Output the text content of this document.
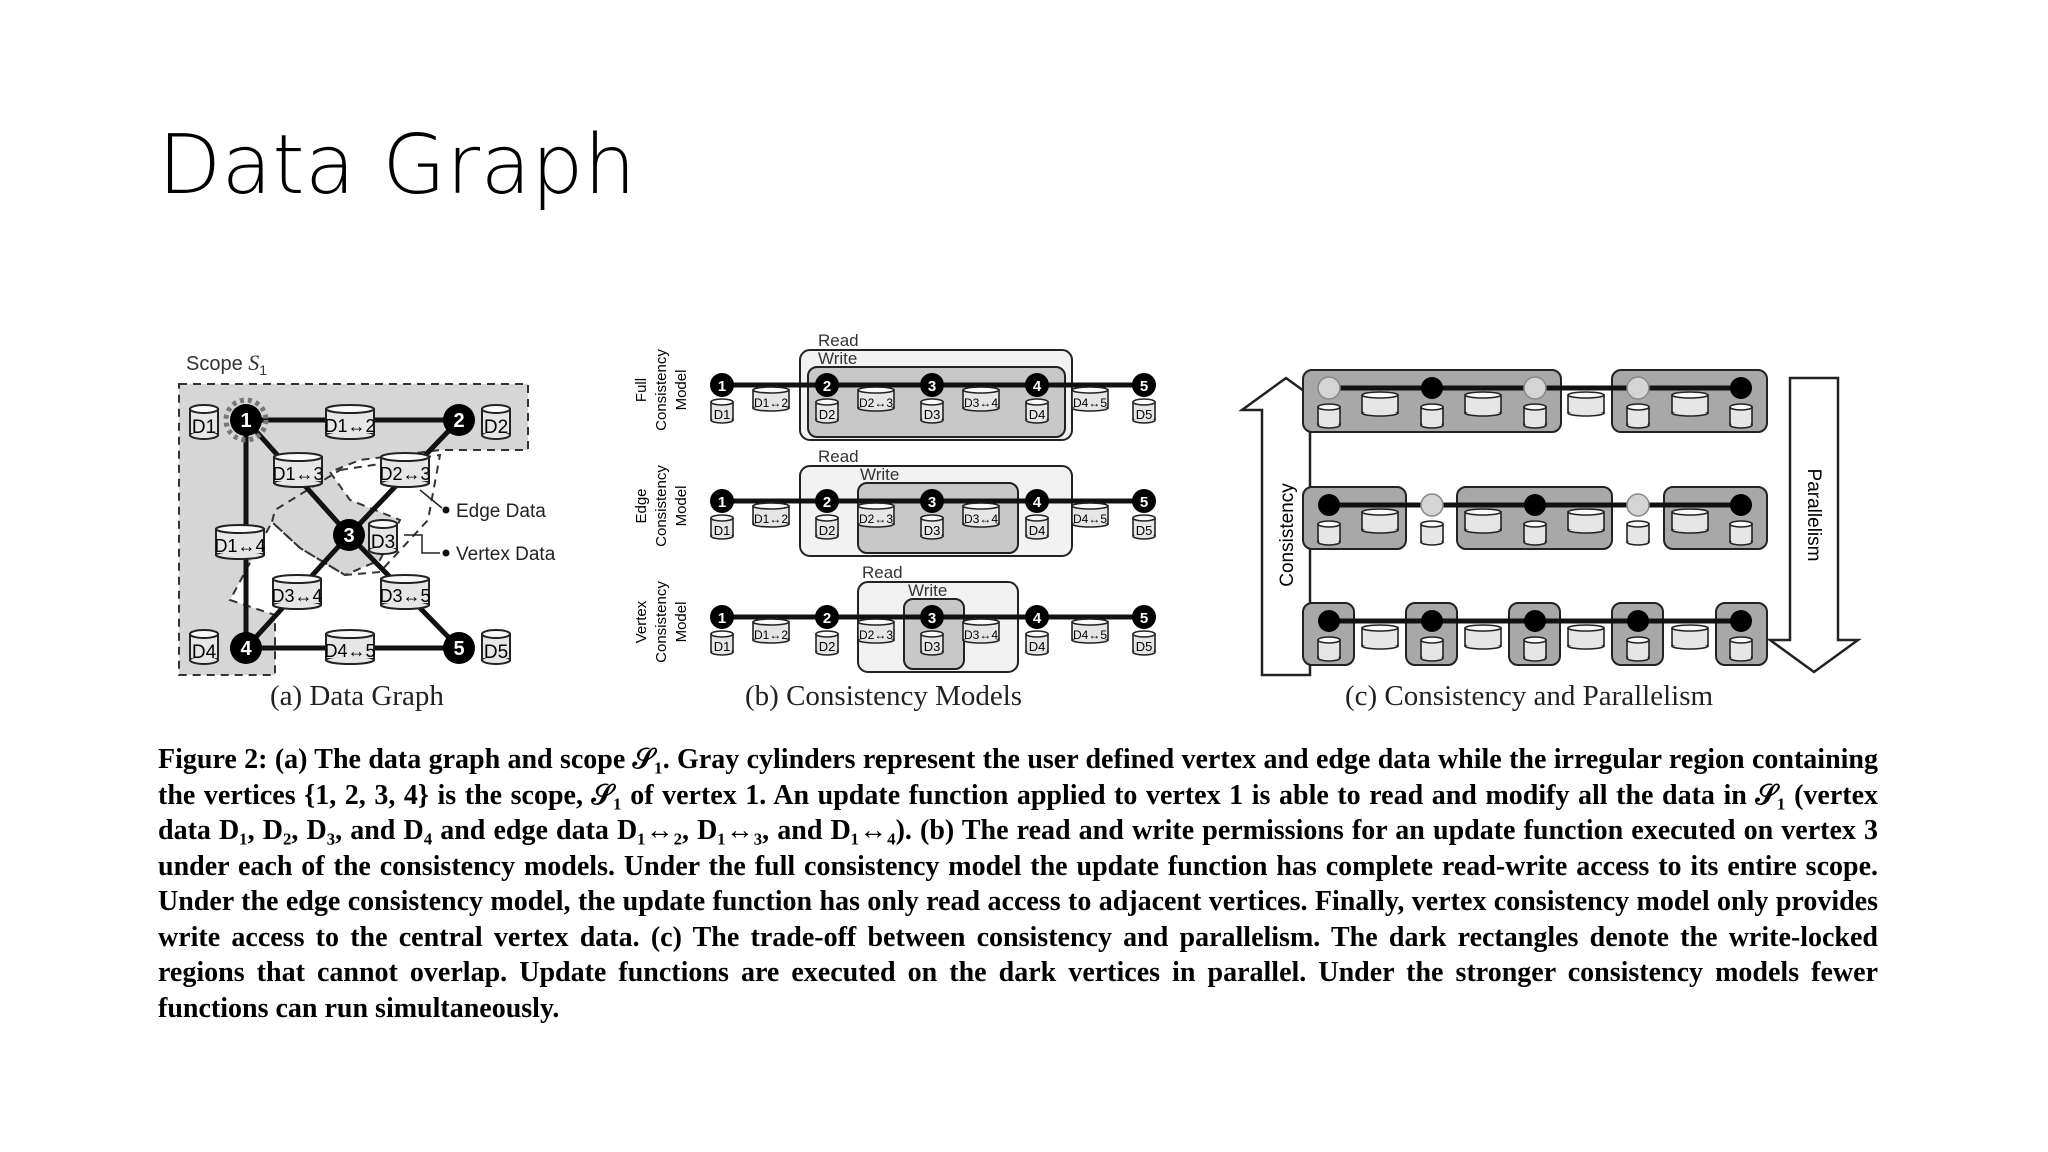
Data Graph
Scope $S_1$
D1	D2
D3
D4	D5
D1↔2
D1↔3	D2↔3
D1↔4
D3↔4	D3↔5
D4↔5
1	2
3
4	5
Edge Data
Vertex Data
Full Consistency Model
Read
Write
Edge Consistency Model
Read
Write
Vertex Consistency Model
Read
Write
D1	D2	D3	D4	D5
D1↔2	D2↔3	D3↔4	D4↔5
1	2	3	4	5
D1	D2	D3	D4	D5
D1↔2	D2↔3	D3↔4	D4↔5
1	2	3	4	5
D1	D2	D3	D4	D5
D1↔2	D2↔3	D3↔4	D4↔5
1	2	3	4	5
Consistency	Parallelism
(a) Data Graph	(b) Consistency Models	(c) Consistency and Parallelism

Figure 2: (a) The data graph and scope 𝒮₁. Gray cylinders represent the user defined vertex and edge data while the irregular region containing the vertices {1, 2, 3, 4} is the scope, 𝒮₁ of vertex 1. An update function applied to vertex 1 is able to read and modify all the data in 𝒮₁ (vertex data D₁, D₂, D₃, and D₄ and edge data D₁↔₂, D₁↔₃, and D₁↔₄). (b) The read and write permissions for an update function executed on vertex 3 under each of the consistency models. Under the full consistency model the update function has complete read-write access to its entire scope. Under the edge consistency model, the update function has only read access to adjacent vertices. Finally, vertex consistency model only provides write access to the central vertex data. (c) The trade-off between consistency and parallelism. The dark rectangles denote the write-locked regions that cannot overlap. Update functions are executed on the dark vertices in parallel. Under the stronger consistency models fewer functions can run simultaneously.
